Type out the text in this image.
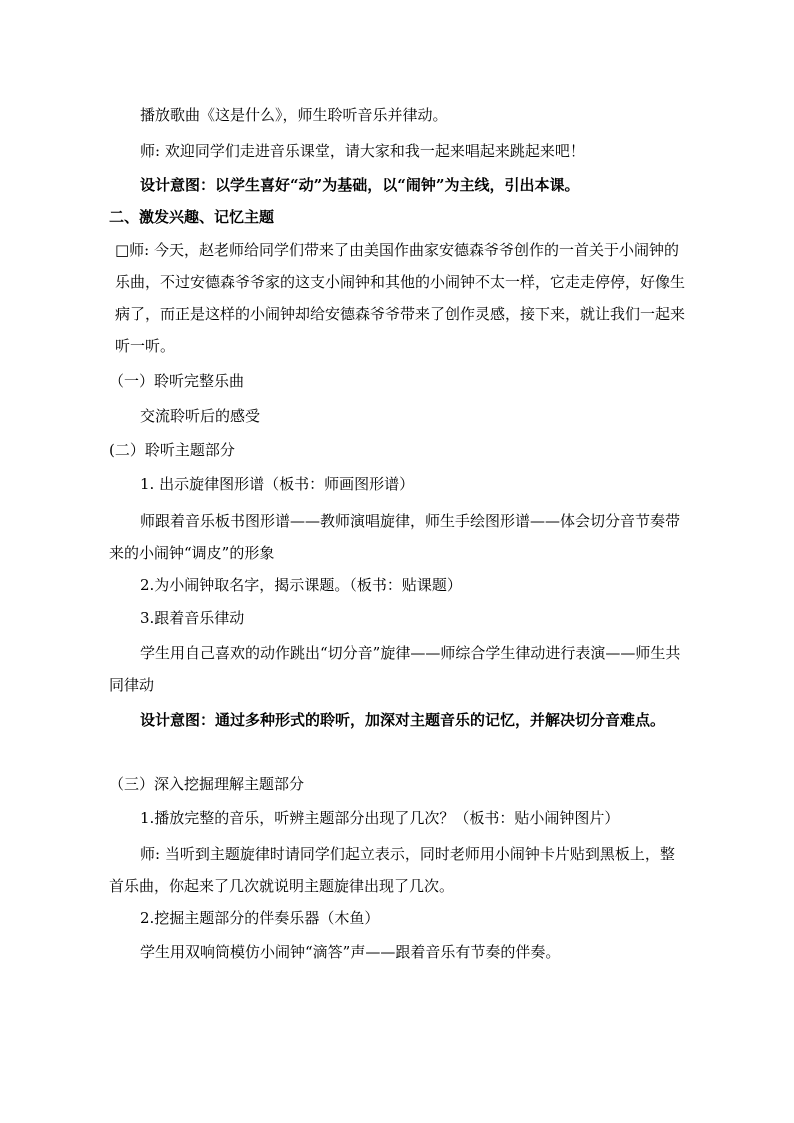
播放歌曲《这是什么》，师生聆听音乐并律动。
师: 欢迎同学们走进音乐课堂，请大家和我一起来唱起来跳起来吧！
设计意图：以学生喜好“动”为基础，以“闹钟”为主线，引出本课。
二、激发兴趣、记忆主题
□师: 今天，赵老师给同学们带来了由美国作曲家安德森爷爷创作的一首关于小闹钟的乐曲，不过安德森爷爷家的这支小闹钟和其他的小闹钟不太一样，它走走停停，好像生病了，而正是这样的小闹钟却给安德森爷爷带来了创作灵感，接下来，就让我们一起来听一听。
（一）聆听完整乐曲
交流聆听后的感受
(二）聆听主题部分
1. 出示旋律图形谱（板书：师画图形谱）
师跟着音乐板书图形谱——教师演唱旋律，师生手绘图形谱——体会切分音节奏带来的小闹钟“调皮”的形象
2.为小闹钟取名字，揭示课题。（板书：贴课题）
3.跟着音乐律动
学生用自己喜欢的动作跳出“切分音”旋律——师综合学生律动进行表演——师生共同律动
设计意图：通过多种形式的聆听，加深对主题音乐的记忆，并解决切分音难点。
（三）深入挖掘理解主题部分
1.播放完整的音乐，听辨主题部分出现了几次？（板书：贴小闹钟图片）
师: 当听到主题旋律时请同学们起立表示，同时老师用小闹钟卡片贴到黑板上，整首乐曲，你起来了几次就说明主题旋律出现了几次。
2.挖掘主题部分的伴奏乐器（木鱼）
学生用双响筒模仿小闹钟“滴答”声——跟着音乐有节奏的伴奏。
